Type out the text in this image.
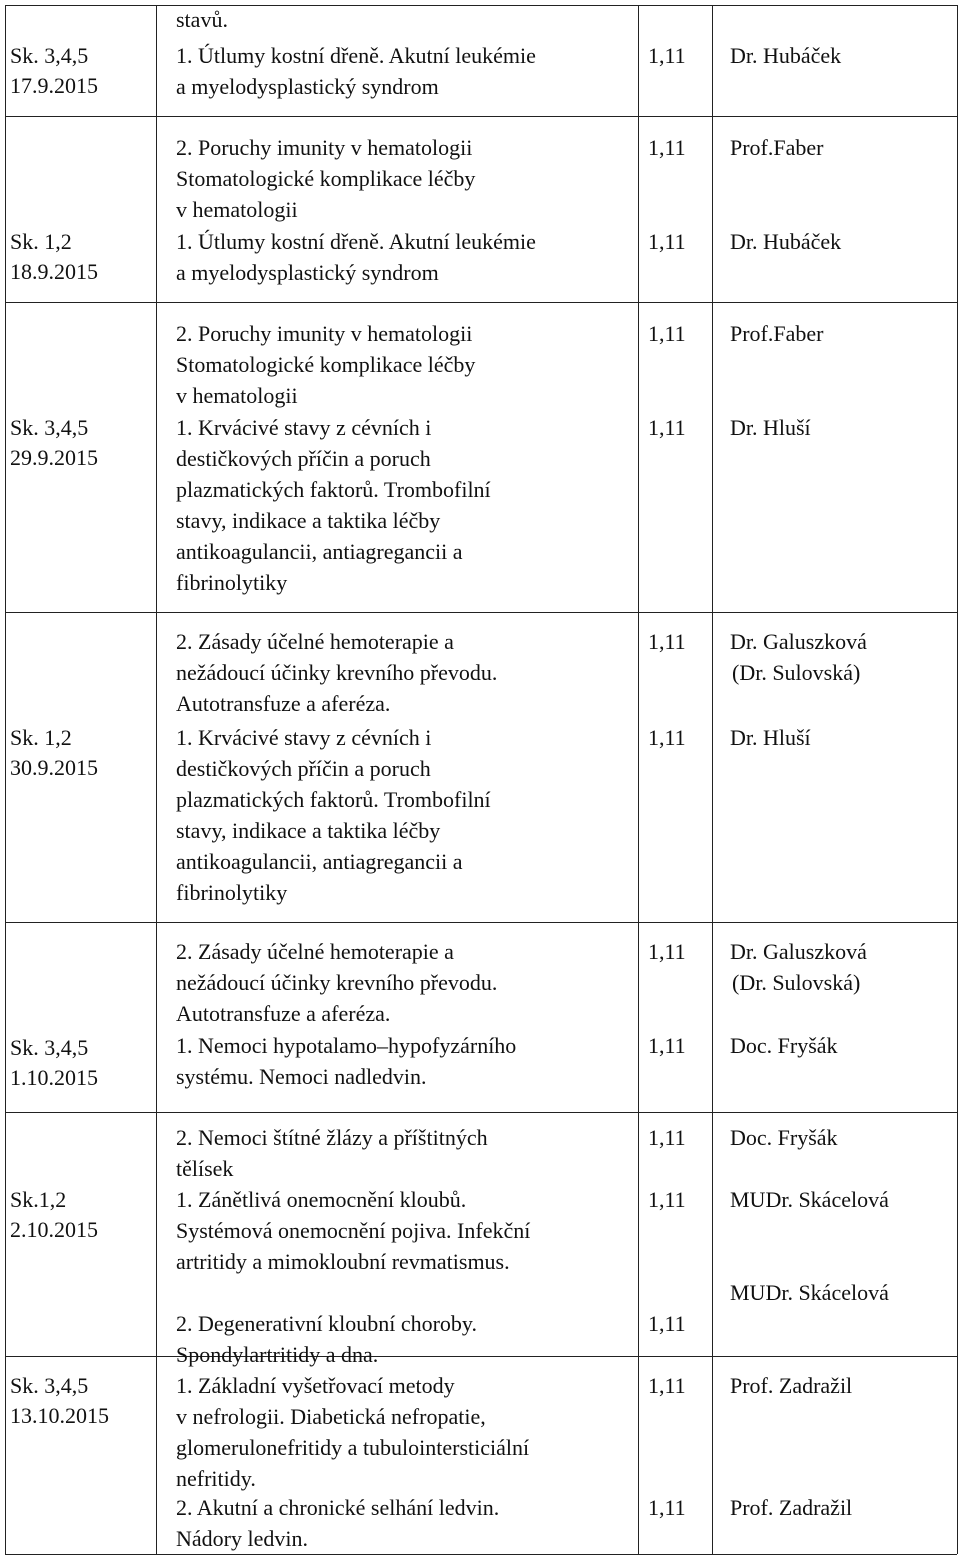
Sk. 3,4,5
17.9.2015
stavů.
1. Útlumy kostní dřeně. Akutní leukémie
a myelodysplastický syndrom
1,11 Dr. Hubáček
2. Poruchy imunity v hematologii
Stomatologické komplikace léčby
v hematologii
1,11 Prof.Faber
Sk. 1,2
18.9.2015
1. Útlumy kostní dřeně. Akutní leukémie
a myelodysplastický syndrom
1,11 Dr. Hubáček
2. Poruchy imunity v hematologii
Stomatologické komplikace léčby
v hematologii
1,11 Prof.Faber
Sk. 3,4,5
29.9.2015
1. Krvácivé stavy z cévních i
destičkových příčin a poruch
plazmatických faktorů. Trombofilní
stavy, indikace a taktika léčby
antikoagulancii, antiagregancii a
fibrinolytiky
1,11 Dr. Hluší
2. Zásady účelné hemoterapie a
nežádoucí účinky krevního převodu.
Autotransfuze a aferéza.
1,11 Dr. Galuszková
(Dr. Sulovská)
Sk. 1,2
30.9.2015
1. Krvácivé stavy z cévních i
destičkových příčin a poruch
plazmatických faktorů. Trombofilní
stavy, indikace a taktika léčby
antikoagulancii, antiagregancii a
fibrinolytiky
1,11 Dr. Hluší
2. Zásady účelné hemoterapie a
nežádoucí účinky krevního převodu.
Autotransfuze a aferéza.
1,11 Dr. Galuszková
(Dr. Sulovská)
Sk. 3,4,5
1.10.2015
1. Nemoci hypotalamo–hypofyzárního
systému. Nemoci nadledvin.
1,11 Doc. Fryšák
2. Nemoci štítné žlázy a příštitných
tělísek
1,11 Doc. Fryšák
Sk.1,2
2.10.2015
1. Zánětlivá onemocnění kloubů.
Systémová onemocnění pojiva. Infekční
artritidy a mimokloubní revmatismus.
1,11 MUDr. Skácelová
2. Degenerativní kloubní choroby.
Spondylartritidy a dna.
1,11
MUDr. Skácelová
Sk. 3,4,5
13.10.2015
1. Základní vyšetřovací metody
v nefrologii. Diabetická nefropatie,
glomerulonefritidy a tubulointersticiální
nefritidy.
1,11 Prof. Zadražil
2. Akutní a chronické selhání ledvin.
Nádory ledvin.
1,11 Prof. Zadražil
